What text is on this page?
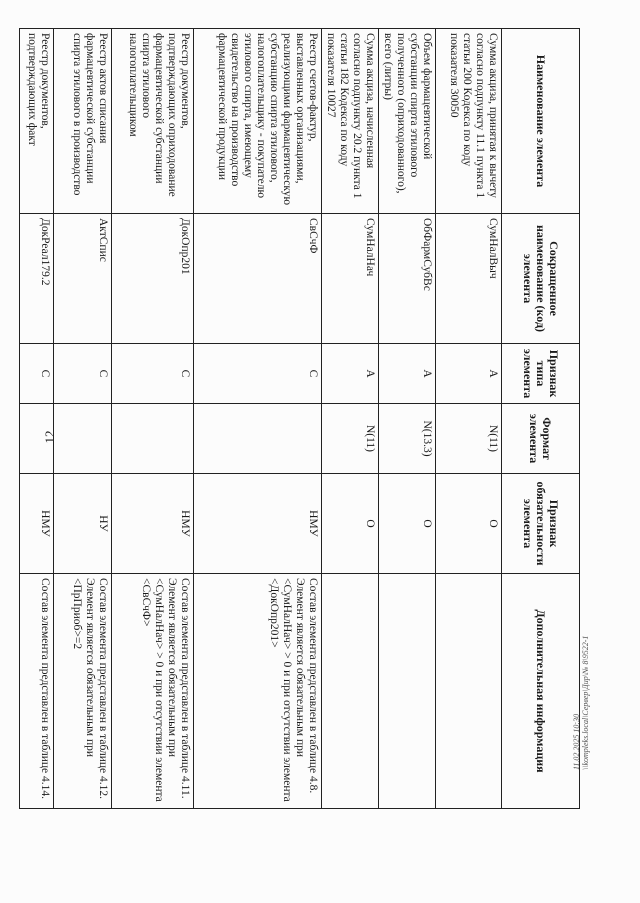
12
Наименование элемента	Сокращенное наименование (код) элемента	Признак типа элемента	Формат элемента	Признак обязательности элемента	Дополнительная информация
Сумма акциза, принятая к вычету согласно подпункту 11.1 пункта 1 статьи 200 Кодекса по коду показателя 30050	СумНалВыч	А	N(11)	О	
Объем фармацевтической субстанции спирта этилового полученного (оприходованного), всего (литры)	ОбФармСубВс	А	N(13.3)	О	
Сумма акциза, начисленная согласно подпункту 20.2 пункта 1 статьи 182 Кодекса по коду показателя 10027	СумНалНач	А	N(11)	О	
Реестр счетов-фактур, выставленных организациями, реализующими фармацевтическую субстанцию спирта этилового, налогоплательщику - покупателю этилового спирта, имеющему свидетельство на производство фармацевтической продукции	СвСчФ	С		НМУ	Состав элемента представлен в таблице 4.8. Элемент является обязательным при <СумНалНач> > 0 и при отсутствии элемента <ДокОпр201>
Реестр документов, подтверждающих оприходование фармацевтической субстанции спирта этилового налогоплательщиком	ДокОпр201	С		НМУ	Состав элемента представлен в таблице 4.11. Элемент является обязательным при <СумНалНач> > 0 и при отсутствии элемента <СвСчФ>
Реестр актов списания фармацевтической субстанции спирта этилового в производство	АктСпис	С		НУ	Состав элемента представлен в таблице 4.12. Элемент является обязательным при <ПрПриоб>=2
Реестр документов, подтверждающих факт	ДокРеал179.2	С		НМУ	Состав элемента представлен в таблице 4.14.	11.02.2025 10:30 \\kompleks.local\Сервер\Дир\№ 8\9522-1
